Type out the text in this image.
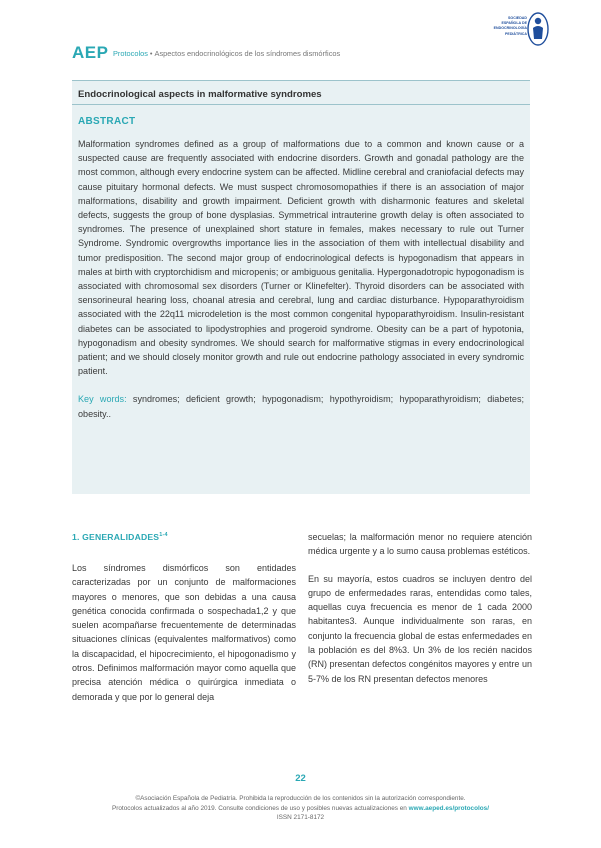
AEP Protocolos • Aspectos endocrinológicos de los síndromes dismórficos
SOCIEDAD
ESPAÑOLA DE
ENDOCRINOLOGÍA
PEDIÁTRICA
Endocrinological aspects in malformative syndromes
ABSTRACT

Malformation syndromes defined as a group of malformations due to a common and known cause or a suspected cause are frequently associated with endocrine disorders. Growth and gonadal pathology are the most common, although every endocrine system can be affected. Midline cerebral and craniofacial defects may cause pituitary hormonal defects. We must suspect chromosomopathies if there is an association of major malformations, disability and growth impairment. Deficient growth with disharmonic features and skeletal defects, suggests the group of bone dysplasias. Symmetrical intrauterine growth delay is often associated to syndromes. The presence of unexplained short stature in females, makes necessary to rule out Turner Syndrome. Syndromic overgrowths importance lies in the association of them with intellectual disability and tumor predisposition. The second major group of endocrinological defects is hypogonadism that appears in males at birth with cryptorchidism and micropenis; or ambiguous genitalia. Hypergonadotropic hypogonadism is associated with chromosomal sex disorders (Turner or Klinefelter). Thyroid disorders can be associated with sensorineural hearing loss, choanal atresia and cerebral, lung and cardiac disturbance. Hypoparathyroidism associated with the 22q11 microdeletion is the most common congenital hypoparathyroidism. Insulin-resistant diabetes can be associated to lipodystrophies and progeroid syndrome. Obesity can be a part of hypotonia, hypogonadism and obesity syndromes. We should search for malformative stigmas in every endocrinological patient; and we should closely monitor growth and rule out endocrine pathology associated in every syndromic patient.

Key words: syndromes; deficient growth; hypogonadism; hypothyroidism; hypoparathyroidism; diabetes; obesity..

1. GENERALIDADES$^{1-4}$

Los síndromes dismórficos son entidades caracterizadas por un conjunto de malformaciones mayores o menores, que son debidas a una causa genética conocida confirmada o sospechada1,2 y que suelen acompañarse frecuentemente de determinadas situaciones clínicas (equivalentes malformativos) como la discapacidad, el hipocrecimiento, el hipogonadismo y otros. Definimos malformación mayor como aquella que precisa atención médica o quirúrgica inmediata o demorada y que por lo general deja

secuelas; la malformación menor no requiere atención médica urgente y a lo sumo causa problemas estéticos.

En su mayoría, estos cuadros se incluyen dentro del grupo de enfermedades raras, entendidas como tales, aquellas cuya frecuencia es menor de 1 cada 2000 habitantes3. Aunque individualmente son raras, en conjunto la frecuencia global de estas enfermedades en la población es del 8%3. Un 3% de los recién nacidos (RN) presentan defectos congénitos mayores y entre un 5-7% de los RN presentan defectos menores

22
©Asociación Española de Pediatría. Prohibida la reproducción de los contenidos sin la autorización correspondiente.
Protocolos actualizados al año 2019. Consulte condiciones de uso y posibles nuevas actualizaciones en www.aeped.es/protocolos/
ISSN 2171-8172
